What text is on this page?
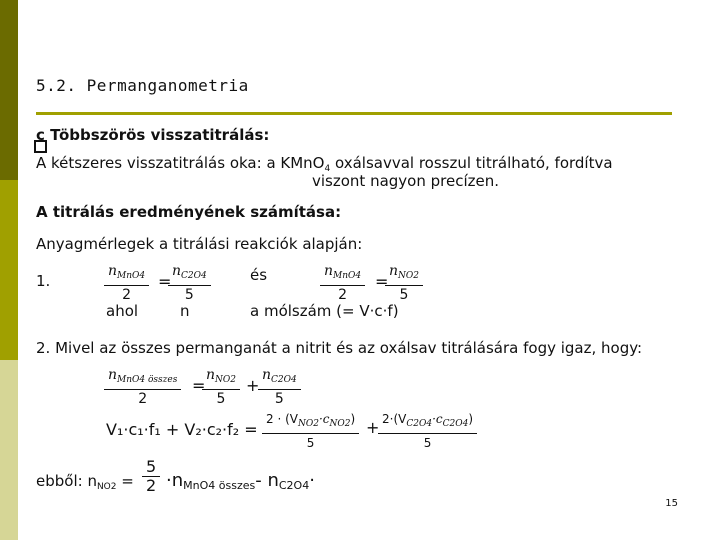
5.2. Permanganometria
c Többszörös visszatitrálás:
A kétszeres visszatitrálás oka: a KMnO$_4$ oxálsavval rosszul titrálható, fordítva
viszont nagyon precízen.
A titrálás eredményének számítása:
Anyagmérlegek a titrálási reakciók alapján:
1.
$n_{MnO4}$
2
=
$\frac{n_{C2O4}}{5}$	és	$n_{MnO4}$
2
=
$n_{NO2}$
5
ahol	n	a mólszám (= V·c·f)
2. Mivel az összes permanganát a nitrit és az oxálsav titrálására fogy igaz, hogy:
$n_{MnO4 összes}$
2
=
$n_{NO2}$
5
+ $\frac{n_{C2O4}}{5}$
V₁·c₁·f₁ + V₂·c₂·f₂ =
$2 \cdot (V_{NO2}\cdot c_{NO2})$
5
+ $\frac{2\cdot(V_{C2O4}\cdot c_{C2O4})}{5}$
ebből: $n_{NO2} = \frac{5}{2} \cdot n_{MnO4 összes}-$ $n_{C2O4}\cdot$
15
